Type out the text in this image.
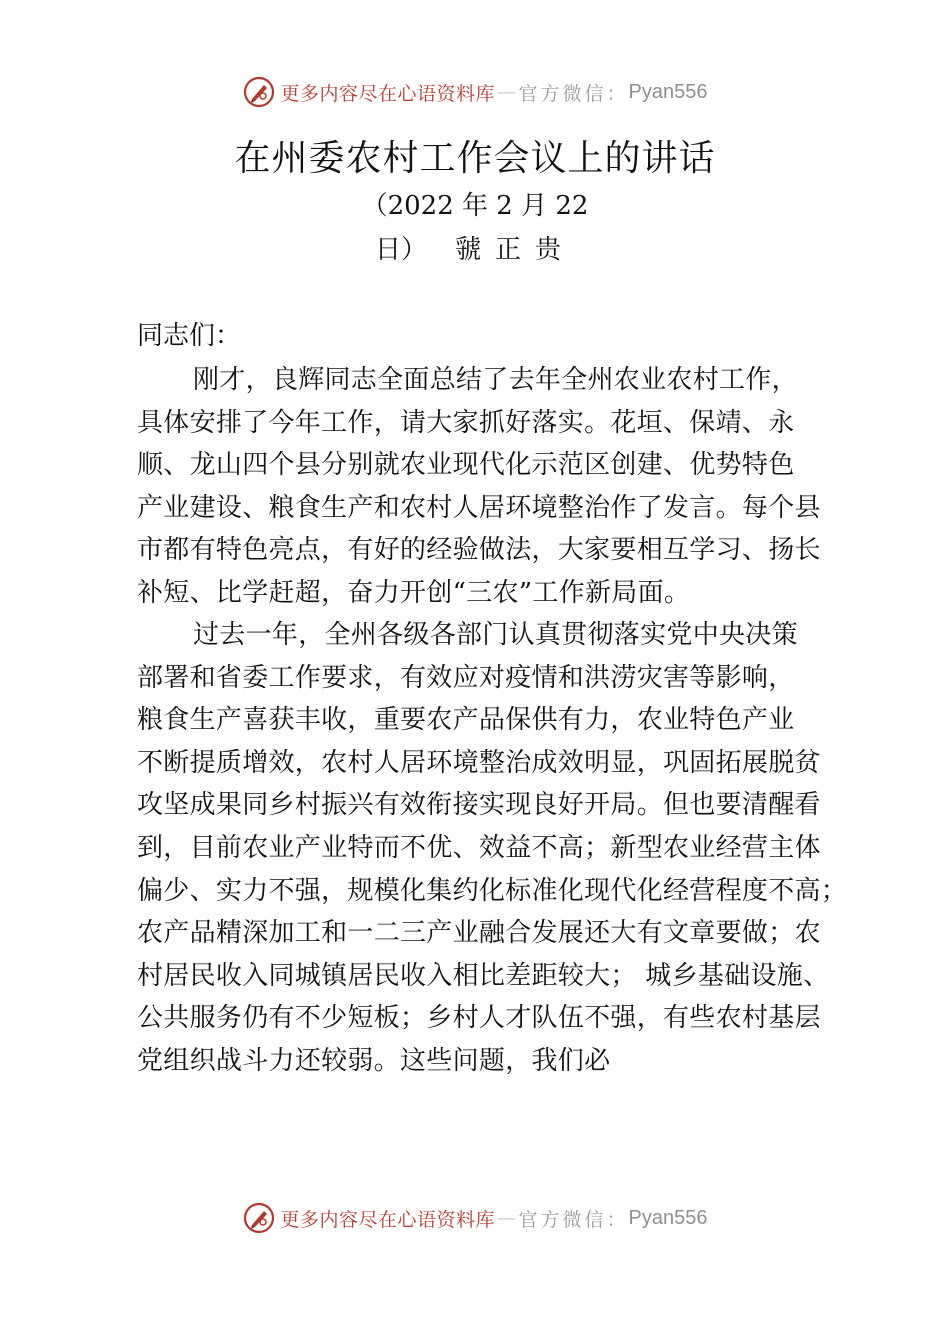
更多内容尽在心语资料库 — 官方微信： Pyan556
在州委农村工作会议上的讲话
（2022 年 2 月 22
日） 虢正贵
同志们：
刚才，良辉同志全面总结了去年全州农业农村工作，
具体安排了今年工作，请大家抓好落实。花垣、保靖、永
顺、龙山四个县分别就农业现代化示范区创建、优势特色
产业建设、粮食生产和农村人居环境整治作了发言。每个县
市都有特色亮点，有好的经验做法，大家要相互学习、扬长
补短、比学赶超，奋力开创“三农”工作新局面。
过去一年，全州各级各部门认真贯彻落实党中央决策
部署和省委工作要求，有效应对疫情和洪涝灾害等影响，
粮食生产喜获丰收，重要农产品保供有力，农业特色产业
不断提质增效，农村人居环境整治成效明显，巩固拓展脱贫
攻坚成果同乡村振兴有效衔接实现良好开局。但也要清醒看
到，目前农业产业特而不优、效益不高；新型农业经营主体
偏少、实力不强，规模化集约化标准化现代化经营程度不高；
农产品精深加工和一二三产业融合发展还大有文章要做；农
村居民收入同城镇居民收入相比差距较大； 城乡基础设施、
公共服务仍有不少短板；乡村人才队伍不强，有些农村基层
党组织战斗力还较弱。这些问题，我们必
更多内容尽在心语资料库 — 官方微信： Pyan556
